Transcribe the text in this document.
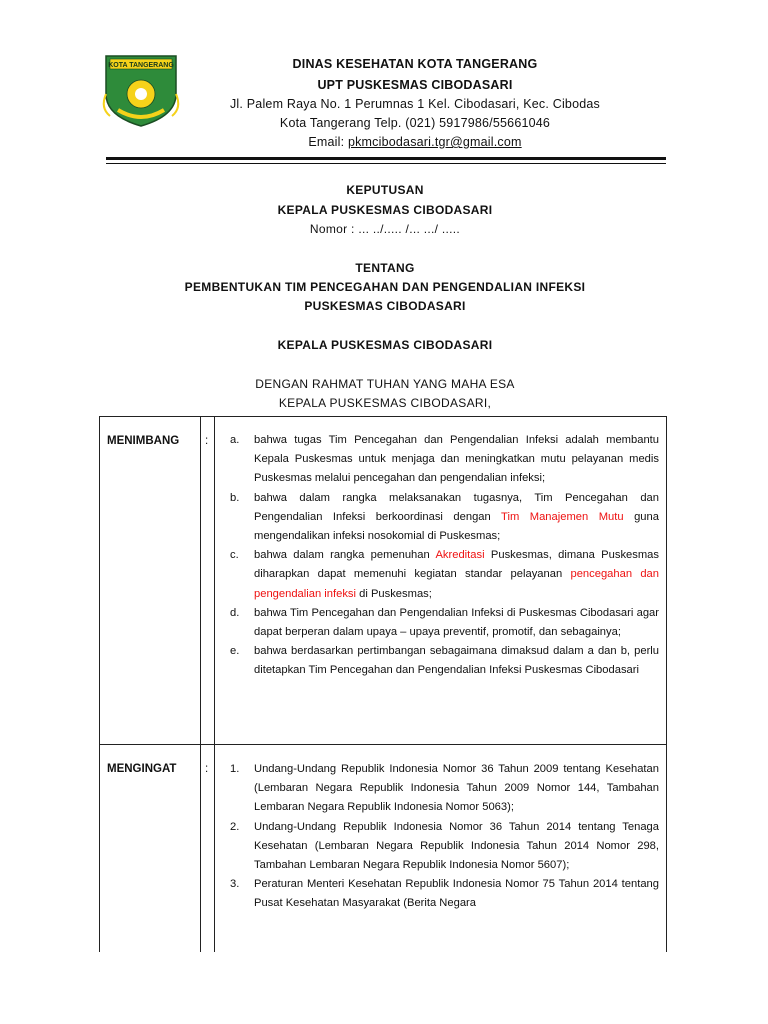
KOTA TANGERANG	DINAS KESEHATAN KOTA TANGERANG
UPT PUSKESMAS CIBODASARI
Jl. Palem Raya No. 1 Perumnas 1 Kel. Cibodasari, Kec. Cibodas
Kota Tangerang Telp. (021) 5917986/55661046
Email: pkmcibodasari.tgr@gmail.com
KEPUTUSAN
KEPALA PUSKESMAS CIBODASARI
Nomor : ... ../..... /... .../ .....
TENTANG
PEMBENTUKAN TIM PENCEGAHAN DAN PENGENDALIAN INFEKSI
PUSKESMAS CIBODASARI
KEPALA PUSKESMAS CIBODASARI
DENGAN RAHMAT TUHAN YANG MAHA ESA
KEPALA PUSKESMAS CIBODASARI,
MENIMBANG : a. bahwa tugas Tim Pencegahan dan Pengendalian Infeksi adalah membantu Kepala Puskesmas untuk menjaga dan meningkatkan mutu pelayanan medis Puskesmas melalui pencegahan dan pengendalian infeksi;
b. bahwa dalam rangka melaksanakan tugasnya, Tim Pencegahan dan Pengendalian Infeksi berkoordinasi dengan Tim Manajemen Mutu guna mengendalikan infeksi nosokomial di Puskesmas;
c. bahwa dalam rangka pemenuhan Akreditasi Puskesmas, dimana Puskesmas diharapkan dapat memenuhi kegiatan standar pelayanan pencegahan dan pengendalian infeksi di Puskesmas;
d. bahwa Tim Pencegahan dan Pengendalian Infeksi di Puskesmas Cibodasari agar dapat berperan dalam upaya – upaya preventif, promotif, dan sebagainya;
e. bahwa berdasarkan pertimbangan sebagaimana dimaksud dalam a dan b, perlu ditetapkan Tim Pencegahan dan Pengendalian Infeksi Puskesmas Cibodasari
MENGINGAT : 1. Undang-Undang Republik Indonesia Nomor 36 Tahun 2009 tentang Kesehatan (Lembaran Negara Republik Indonesia Tahun 2009 Nomor 144, Tambahan Lembaran Negara Republik Indonesia Nomor 5063);
2. Undang-Undang Republik Indonesia Nomor 36 Tahun 2014 tentang Tenaga Kesehatan (Lembaran Negara Republik Indonesia Tahun 2014 Nomor 298, Tambahan Lembaran Negara Republik Indonesia Nomor 5607);
3. Peraturan Menteri Kesehatan Republik Indonesia Nomor 75 Tahun 2014 tentang Pusat Kesehatan Masyarakat (Berita Negara
